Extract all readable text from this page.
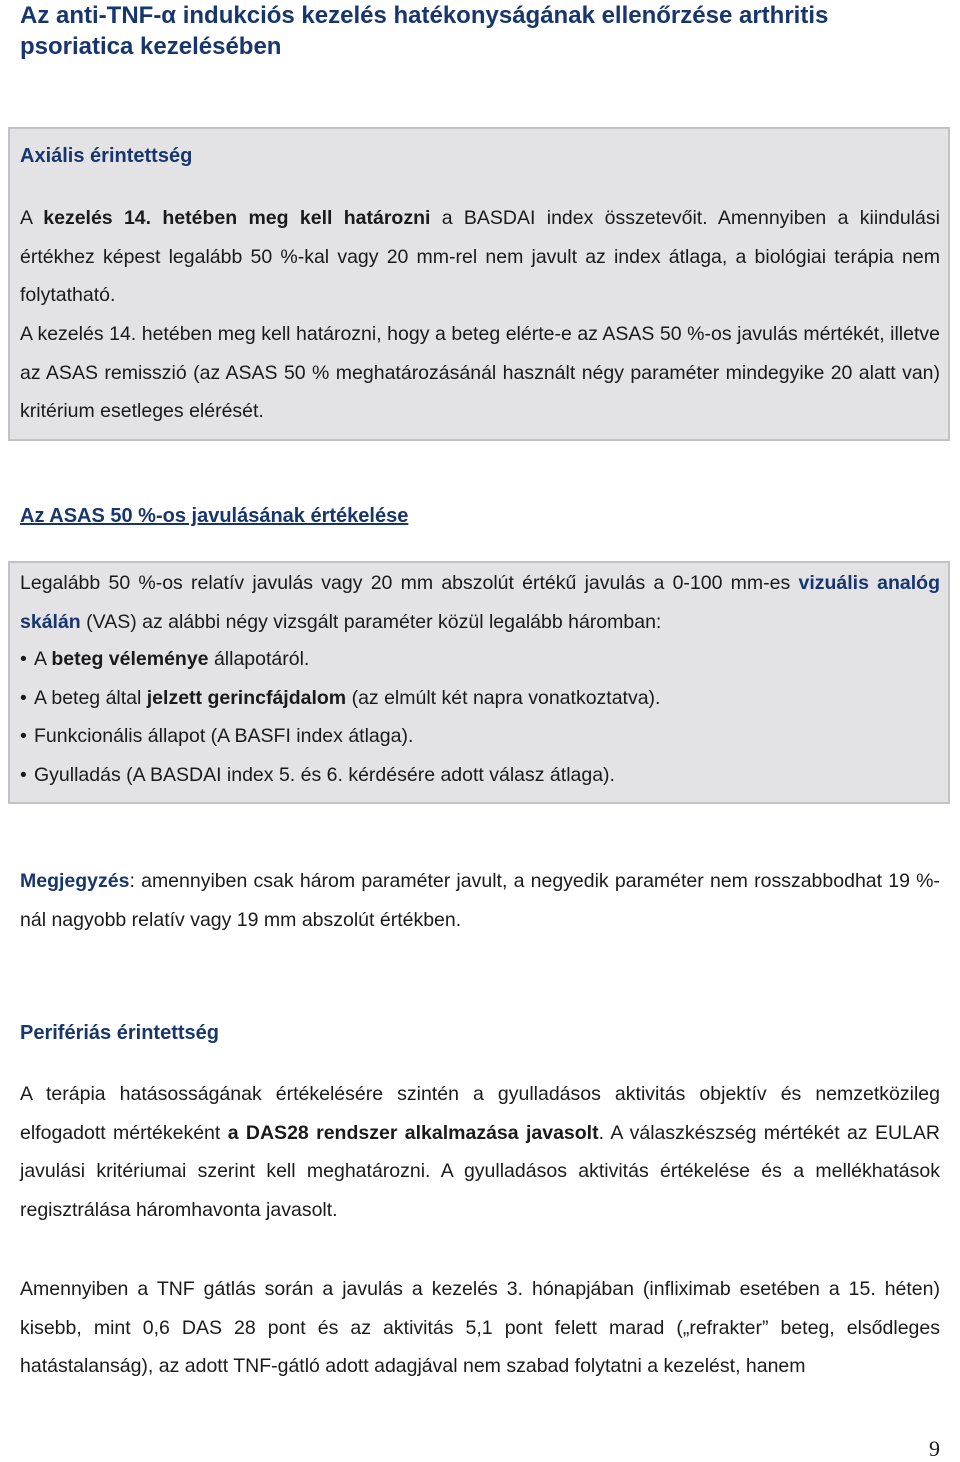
Az anti-TNF-α indukciós kezelés hatékonyságának ellenőrzése arthritis psoriatica kezelésében
Axiális érintettség

A kezelés 14. hetében meg kell határozni a BASDAI index összetevőit. Amennyiben a kiindulási értékhez képest legalább 50 %-kal vagy 20 mm-rel nem javult az index átlaga, a biológiai terápia nem folytatható.

A kezelés 14. hetében meg kell határozni, hogy a beteg elérte-e az ASAS 50 %-os javulás mértékét, illetve az ASAS remisszió (az ASAS 50 % meghatározásánál használt négy paraméter mindegyike 20 alatt van) kritérium esetleges elérését.

Az ASAS 50 %-os javulásának értékelése

Legalább 50 %-os relatív javulás vagy 20 mm abszolút értékű javulás a 0-100 mm-es vizuális analóg skálán (VAS) az alábbi négy vizsgált paraméter közül legalább háromban:

• A beteg véleménye állapotáról.
• A beteg által jelzett gerincfájdalom (az elmúlt két napra vonatkoztatva).
• Funkcionális állapot (A BASFI index átlaga).
• Gyulladás (A BASDAI index 5. és 6. kérdésére adott válasz átlaga).

Megjegyzés: amennyiben csak három paraméter javult, a negyedik paraméter nem rosszabbodhat 19 %- nál nagyobb relatív vagy 19 mm abszolút értékben.

Perifériás érintettség

A terápia hatásosságának értékelésére szintén a gyulladásos aktivitás objektív és nemzetközileg elfogadott mértékeként a DAS28 rendszer alkalmazása javasolt. A válaszkészség mértékét az EULAR javulási kritériumai szerint kell meghatározni. A gyulladásos aktivitás értékelése és a mellékhatások regisztrálása háromhavonta javasolt.

Amennyiben a TNF gátlás során a javulás a kezelés 3. hónapjában (infliximab esetében a 15. héten) kisebb, mint 0,6 DAS 28 pont és az aktivitás 5,1 pont felett marad („refrakter” beteg, elsődleges hatástalanság), az adott TNF-gátló adott adagjával nem szabad folytatni a kezelést, hanem

9
